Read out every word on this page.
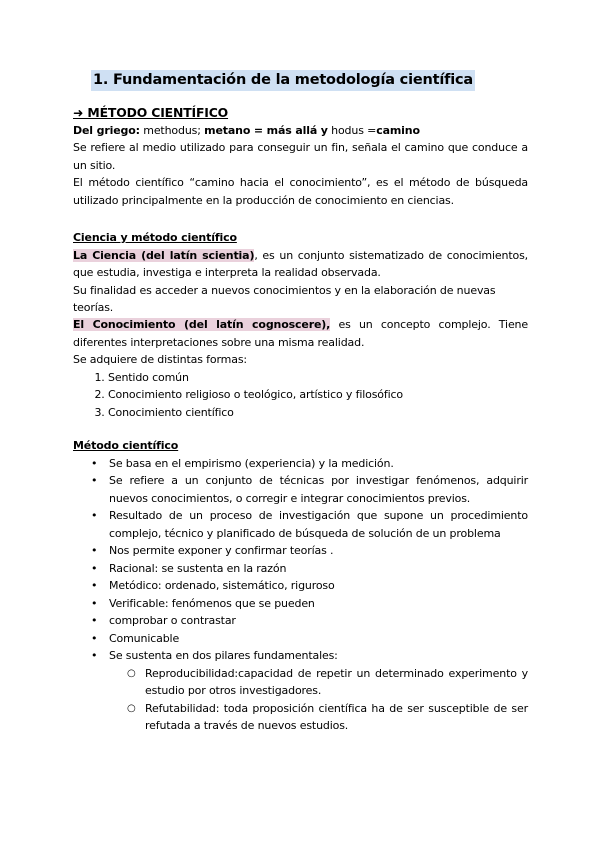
1. Fundamentación de la metodología científica
➜ MÉTODO CIENTÍFICO
Del griego: methodus; metano = más allá y hodus =camino
Se refiere al medio utilizado para conseguir un fin, señala el camino que conduce a un sitio.
El método científico “camino hacia el conocimiento”, es el método de búsqueda utilizado principalmente en la producción de conocimiento en ciencias.
Ciencia y método científico
La Ciencia (del latín scientia), es un conjunto sistematizado de conocimientos, que estudia, investiga e interpreta la realidad observada.
Su finalidad es acceder a nuevos conocimientos y en la elaboración de nuevas teorías.
El Conocimiento (del latín cognoscere), es un concepto complejo. Tiene diferentes interpretaciones sobre una misma realidad.
Se adquiere de distintas formas:
1. Sentido común
2. Conocimiento religioso o teológico, artístico y filosófico
3. Conocimiento científico
Método científico
• Se basa en el empirismo (experiencia) y la medición.
• Se refiere a un conjunto de técnicas por investigar fenómenos, adquirir nuevos conocimientos, o corregir e integrar conocimientos previos.
• Resultado de un proceso de investigación que supone un procedimiento complejo, técnico y planificado de búsqueda de solución de un problema
• Nos permite exponer y confirmar teorías .
• Racional: se sustenta en la razón
• Metódico: ordenado, sistemático, riguroso
• Verificable: fenómenos que se pueden
• comprobar o contrastar
• Comunicable
• Se sustenta en dos pilares fundamentales:
○ Reproducibilidad:capacidad de repetir un determinado experimento y estudio por otros investigadores.
○ Refutabilidad: toda proposición científica ha de ser susceptible de ser refutada a través de nuevos estudios.
